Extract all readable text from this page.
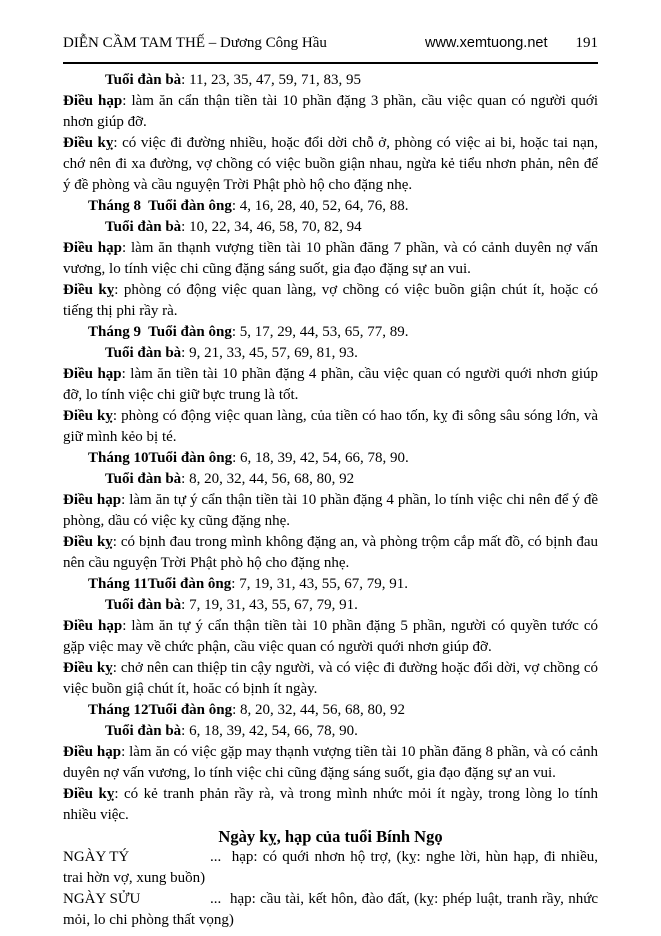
DIỄN CẦM TAM THẾ – Dương Công Hầu	www.xemtuong.net 191

Tuổi đàn bà: 11, 23, 35, 47, 59, 71, 83, 95

Điều hạp: làm ăn cẩn thận tiền tài 10 phần đặng 3 phần, cầu việc quan có người quới nhơn giúp đỡ.

Điều kỵ: có việc đi đường nhiều, hoặc đổi dời chỗ ở, phòng có việc ai bi, hoặc tai nạn, chớ nên đi xa đường, vợ chồng có việc buồn giận nhau, ngừa kẻ tiểu nhơn phản, nên để ý đề phòng và cầu nguyện Trời Phật phò hộ cho đặng nhẹ.

Tháng 8  Tuổi đàn ông: 4, 16, 28, 40, 52, 64, 76, 88.

Tuổi đàn bà: 10, 22, 34, 46, 58, 70, 82, 94

Điều hạp: làm ăn thạnh vượng tiền tài 10 phần đăng 7 phần, và có cảnh duyên nợ vấn vương, lo tính việc chi cũng đặng sáng suốt, gia đạo đặng sự an vui.

Điều kỵ: phòng có động việc quan làng, vợ chồng có việc buồn giận chút ít, hoặc có tiếng thị phi rầy rà.

Tháng 9  Tuổi đàn ông: 5, 17, 29, 44, 53, 65, 77, 89.

Tuổi đàn bà: 9, 21, 33, 45, 57, 69, 81, 93.

Điều hạp: làm ăn tiền tài 10 phần đặng 4 phần, cầu việc quan có người quới nhơn giúp đỡ, lo tính việc chi giữ bực trung là tốt.

Điều kỵ: phòng có động việc quan làng, của tiền có hao tốn, kỵ đi sông sâu sóng lớn, và giữ mình kẻo bị té.

Tháng 10Tuổi đàn ông: 6, 18, 39, 42, 54, 66, 78, 90.

Tuổi đàn bà: 8, 20, 32, 44, 56, 68, 80, 92

Điều hạp: làm ăn tự ý cẩn thận tiền tài 10 phần đặng 4 phần, lo tính việc chi nên để ý đề phòng, dầu có việc kỵ cũng đặng nhẹ.

Điều kỵ: có bịnh đau trong mình không đặng an, và phòng trộm cắp mất đồ, có bịnh đau nên cầu nguyện Trời Phật phò hộ cho đặng nhẹ.

Tháng 11Tuổi đàn ông: 7, 19, 31, 43, 55, 67, 79, 91.

Tuổi đàn bà: 7, 19, 31, 43, 55, 67, 79, 91.

Điều hạp: làm ăn tự ý cẩn thận tiền tài 10 phần đặng 5 phần, người có quyền tước có gặp việc may về chức phận, cầu việc quan có người quới nhơn giúp đỡ.

Điều kỵ: chở nên can thiệp tin cậy người, và có việc đi đường hoặc đổi dời, vợ chồng có việc buồn giậ chút ít, hoăc có bịnh ít ngày.

Tháng 12Tuổi đàn ông: 8, 20, 32, 44, 56, 68, 80, 92

Tuổi đàn bà: 6, 18, 39, 42, 54, 66, 78, 90.

Điều hạp: làm ăn có việc gặp may thạnh vượng tiền tài 10 phần đăng 8 phần, và có cảnh duyên nợ vấn vương, lo tính việc chi cũng đặng sáng suốt, gia đạo đặng sự an vui.

Điều kỵ: có kẻ tranh phản rầy rà, và trong mình nhức mỏi ít ngày, trong lòng lo tính nhiều việc.

Ngày kỵ, hạp của tuổi Bính Ngọ

NGÀY TÝ	...  hạp: có quới nhơn hộ trợ, (kỵ: nghe lời, hùn hạp, đi nhiều, trai hờn vợ, xung buồn)

NGÀY SỬU	...  hạp: cầu tài, kết hôn, đào đất, (kỵ: phép luật, tranh rầy, nhức mỏi, lo chi phòng thất vọng)
